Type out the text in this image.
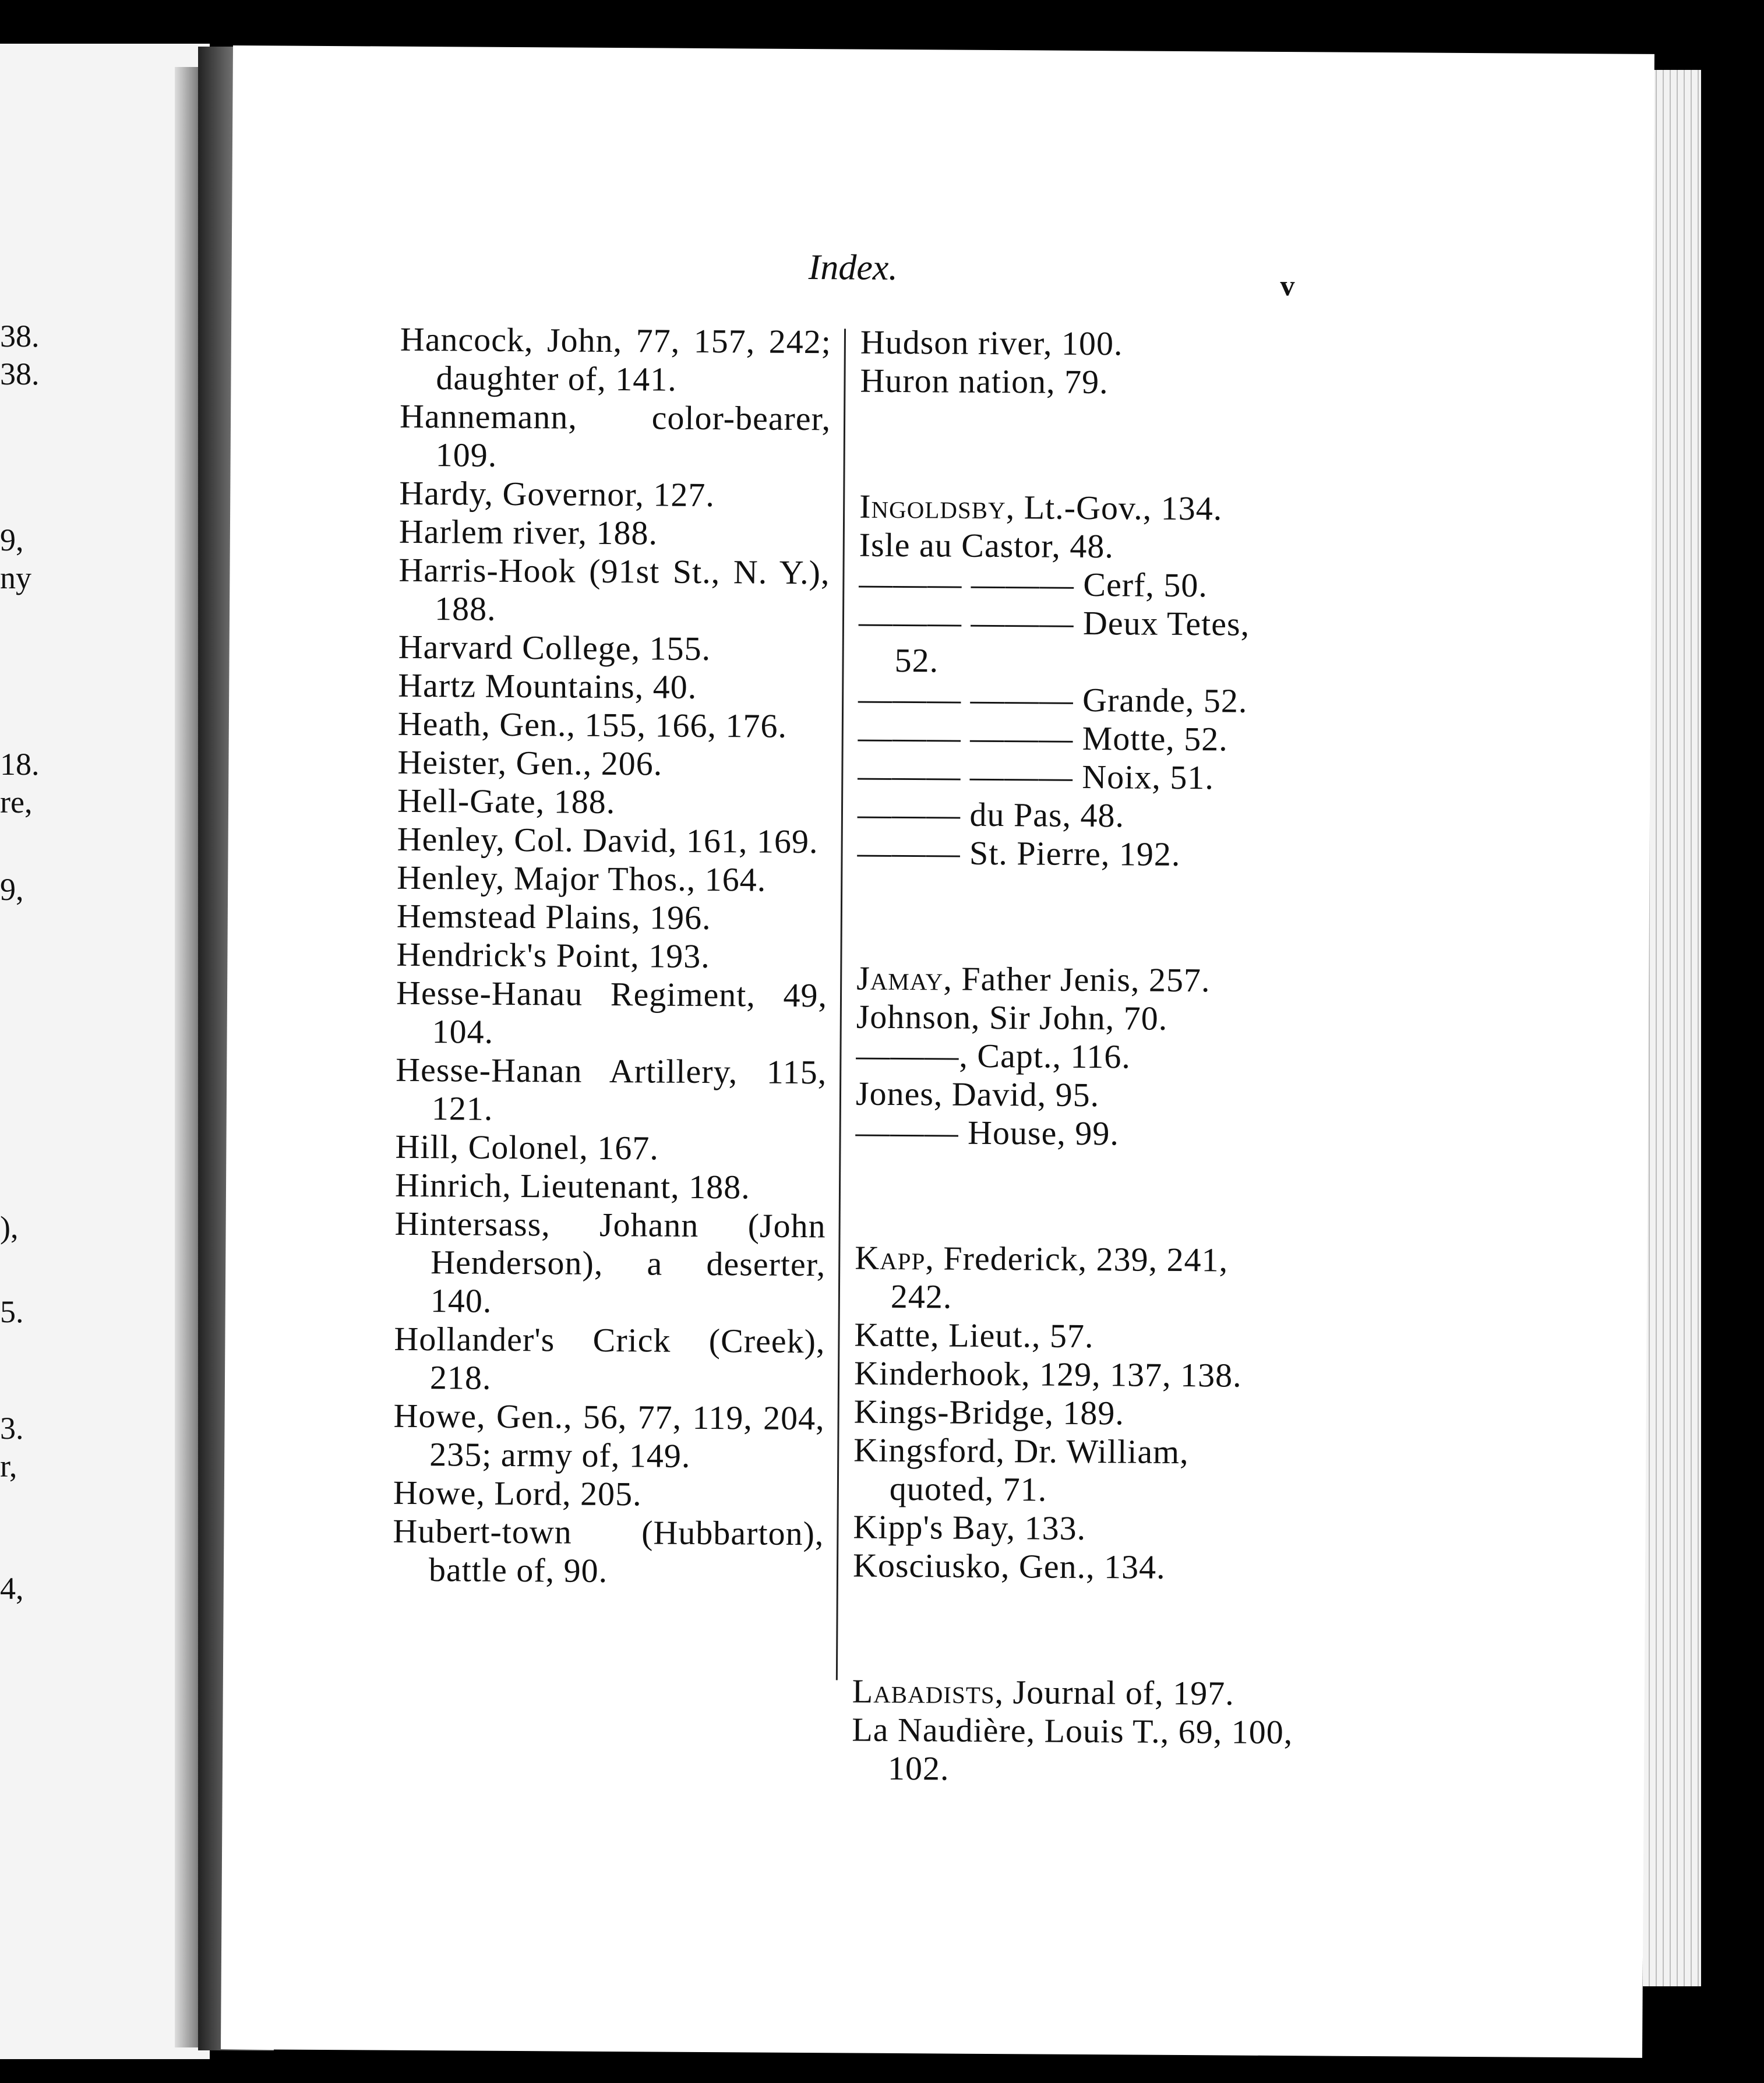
38.
38.
9,
ny
18.
re,
9,
),
5.
3.
r,
4,
Index.	v

Hancock, John, 77, 157, 242; daughter of, 141.

Hannemann, color-bearer, 109.

Hardy, Governor, 127.

Harlem river, 188.

Harris-Hook (91st St., N. Y.), 188.

Harvard College, 155.

Hartz Mountains, 40.

Heath, Gen., 155, 166, 176.

Heister, Gen., 206.

Hell-Gate, 188.

Henley, Col. David, 161, 169.

Henley, Major Thos., 164.

Hemstead Plains, 196.

Hendrick's Point, 193.

Hesse-Hanau Regiment, 49, 104.

Hesse-Hanan Artillery, 115, 121.

Hill, Colonel, 167.

Hinrich, Lieutenant, 188.

Hintersass, Johann (John Henderson), a deserter, 140.

Hollander's Crick (Creek), 218.

Howe, Gen., 56, 77, 119, 204, 235; army of, 149.

Howe, Lord, 205.

Hubert-town (Hubbarton), battle of, 90.

Hudson river, 100.

Huron nation, 79.

Ingoldsby, Lt.-Gov., 134.

Isle au Castor, 48.

——— ——— Cerf, 50.

——— ——— Deux Tetes, 52.

——— ——— Grande, 52.

——— ——— Motte, 52.

——— ——— Noix, 51.

——— du Pas, 48.

——— St. Pierre, 192.

Jamay, Father Jenis, 257.

Johnson, Sir John, 70.

———, Capt., 116.

Jones, David, 95.

——— House, 99.

Kapp, Frederick, 239, 241, 242.

Katte, Lieut., 57.

Kinderhook, 129, 137, 138.

Kings-Bridge, 189.

Kingsford, Dr. William, quoted, 71.

Kipp's Bay, 133.

Kosciusko, Gen., 134.

Labadists, Journal of, 197.

La Naudière, Louis T., 69, 100, 102.
